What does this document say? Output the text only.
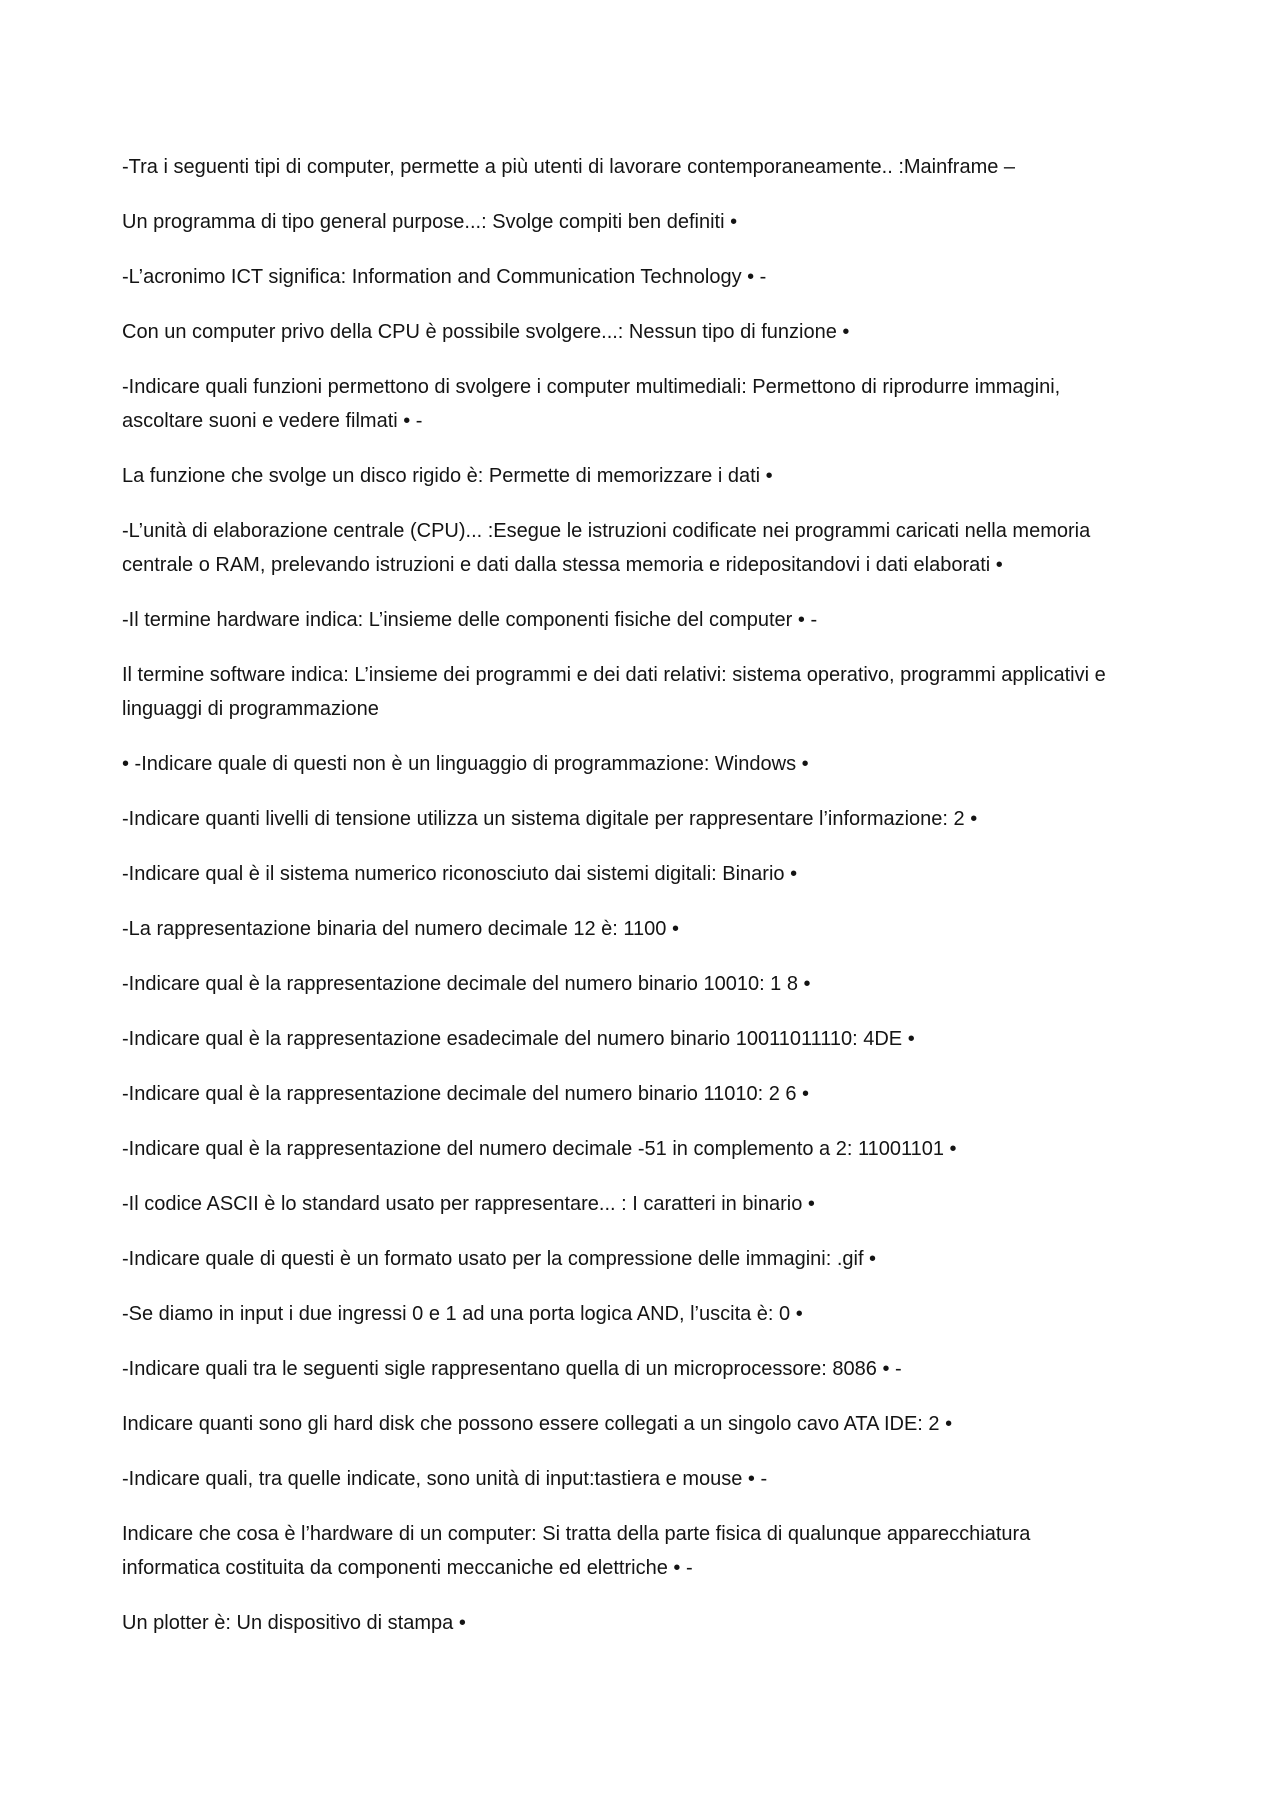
-Tra i seguenti tipi di computer, permette a più utenti di lavorare contemporaneamente.. :Mainframe –

Un programma di tipo general purpose...: Svolge compiti ben definiti •

-L’acronimo ICT significa: Information and Communication Technology • -

Con un computer privo della CPU è possibile svolgere...: Nessun tipo di funzione •

-Indicare quali funzioni permettono di svolgere i computer multimediali: Permettono di riprodurre immagini, ascoltare suoni e vedere filmati • -

La funzione che svolge un disco rigido è: Permette di memorizzare i dati •

-L’unità di elaborazione centrale (CPU)... :Esegue le istruzioni codificate nei programmi caricati nella memoria centrale o RAM, prelevando istruzioni e dati dalla stessa memoria e ridepositandovi i dati elaborati •

-Il termine hardware indica: L’insieme delle componenti fisiche del computer • -

Il termine software indica: L’insieme dei programmi e dei dati relativi: sistema operativo, programmi applicativi e linguaggi di programmazione

• -Indicare quale di questi non è un linguaggio di programmazione: Windows •

-Indicare quanti livelli di tensione utilizza un sistema digitale per rappresentare l’informazione: 2 •

-Indicare qual è il sistema numerico riconosciuto dai sistemi digitali: Binario •

-La rappresentazione binaria del numero decimale 12 è: 1100 •

-Indicare qual è la rappresentazione decimale del numero binario 10010: 1 8 •

-Indicare qual è la rappresentazione esadecimale del numero binario 10011011110: 4DE •

-Indicare qual è la rappresentazione decimale del numero binario 11010: 2 6 •

-Indicare qual è la rappresentazione del numero decimale -51 in complemento a 2: 11001101 •

-Il codice ASCII è lo standard usato per rappresentare... : I caratteri in binario •

-Indicare quale di questi è un formato usato per la compressione delle immagini: .gif •

-Se diamo in input i due ingressi 0 e 1 ad una porta logica AND, l’uscita è: 0 •

-Indicare quali tra le seguenti sigle rappresentano quella di un microprocessore: 8086 • -

Indicare quanti sono gli hard disk che possono essere collegati a un singolo cavo ATA IDE: 2 •

-Indicare quali, tra quelle indicate, sono unità di input:tastiera e mouse • -

Indicare che cosa è l’hardware di un computer: Si tratta della parte fisica di qualunque apparecchiatura informatica costituita da componenti meccaniche ed elettriche • -

Un plotter è: Un dispositivo di stampa •
